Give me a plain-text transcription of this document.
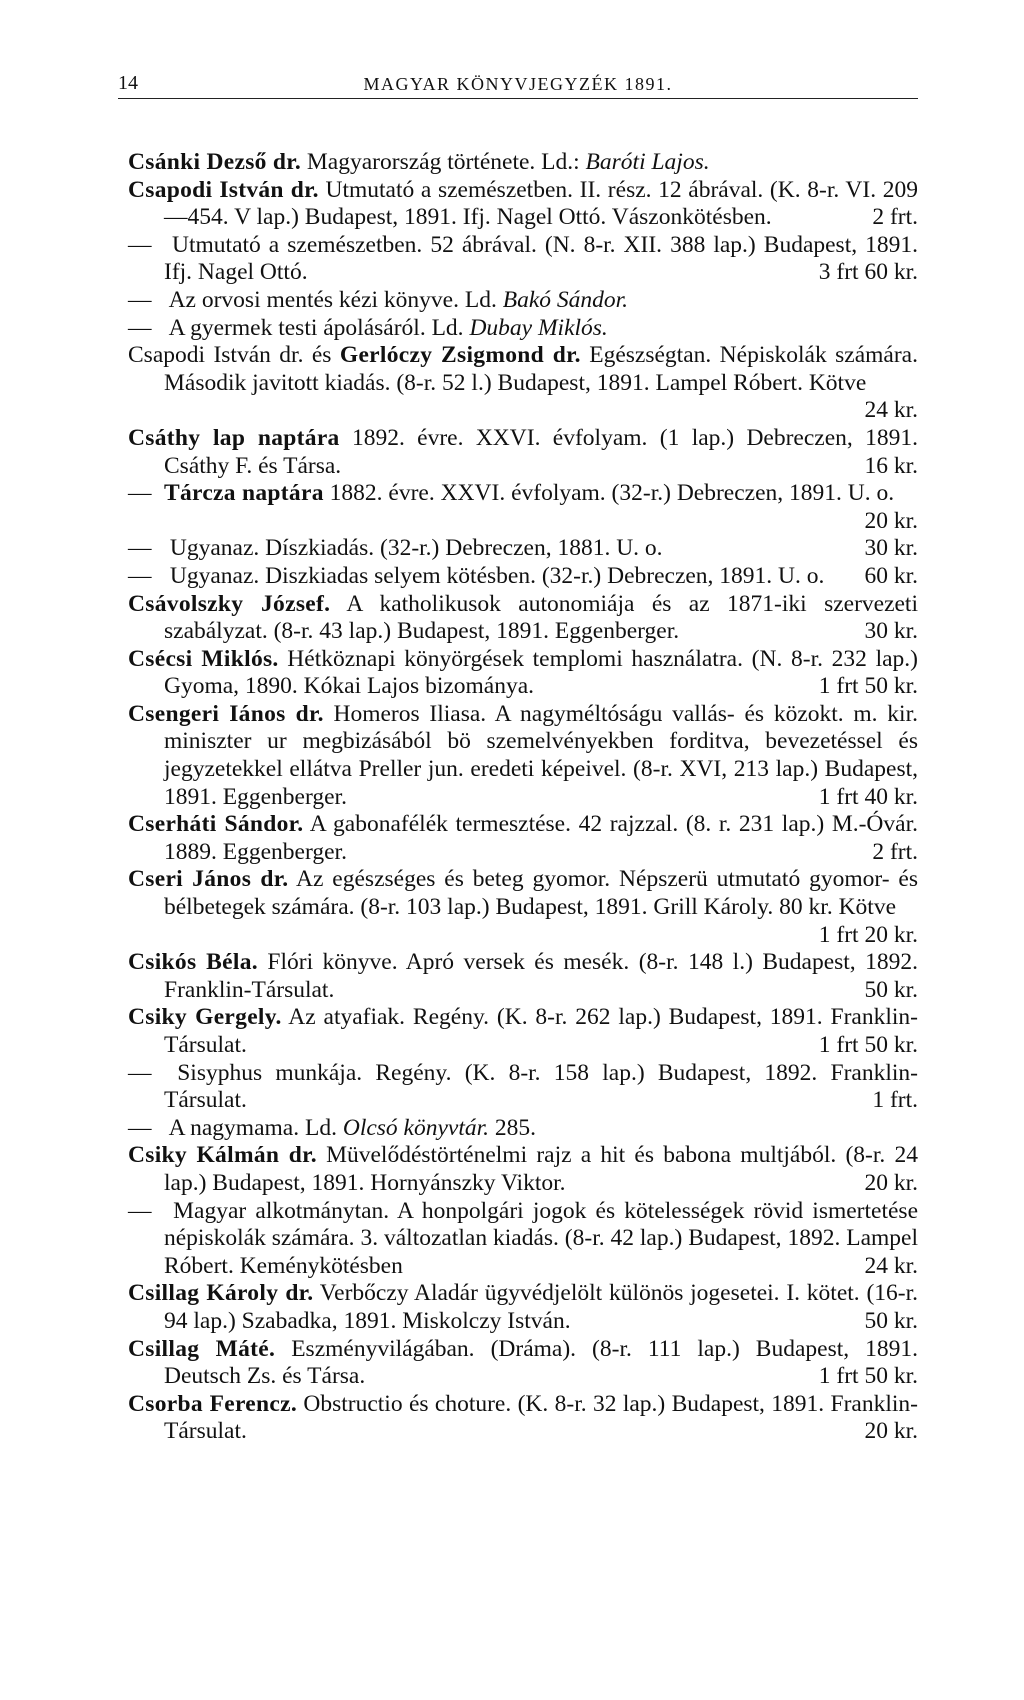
14	MAGYAR KÖNYVJEGYZÉK 1891.
Csánki Dezső dr. Magyarország története. Ld.: Baróti Lajos.
Csapodi István dr. Utmutató a szemészetben. II. rész. 12 ábrával. (K. 8-r. VI. 209—454. V lap.) Budapest, 1891. Ifj. Nagel Ottó. Vászonkötésben.	2 frt.
— Utmutató a szemészetben. 52 ábrával. (N. 8-r. XII. 388 lap.) Budapest, 1891. Ifj. Nagel Ottó.	3 frt 60 kr.
— Az orvosi mentés kézi könyve. Ld. Bakó Sándor.
— A gyermek testi ápolásáról. Ld. Dubay Miklós.
Csapodi István dr. és Gerlóczy Zsigmond dr. Egészségtan. Népiskolák számára. Második javitott kiadás. (8-r. 52 l.) Budapest, 1891. Lampel Róbert. Kötve
24 kr.
Csáthy lap naptára 1892. évre. XXVI. évfolyam. (1 lap.) Debreczen, 1891. Csáthy F. és Társa.	16 kr.
— Tárcza naptára 1882. évre. XXVI. évfolyam. (32-r.) Debreczen, 1891. U. o.
20 kr.
— Ugyanaz. Díszkiadás. (32-r.) Debreczen, 1881. U. o.	30 kr.
— Ugyanaz. Diszkiadas selyem kötésben. (32-r.) Debreczen, 1891. U. o. 60 kr.
Csávolszky József. A katholikusok autonomiája és az 1871-iki szervezeti szabályzat. (8-r. 43 lap.) Budapest, 1891. Eggenberger.	30 kr.
Csécsi Miklós. Hétköznapi könyörgések templomi használatra. (N. 8-r. 232 lap.) Gyoma, 1890. Kókai Lajos bizománya.	1 frt 50 kr.
Csengeri Iános dr. Homeros Iliasa. A nagyméltóságu vallás- és közokt. m. kir. miniszter ur megbizásából bö szemelvényekben forditva, bevezetéssel és jegyzetekkel ellátva Preller jun. eredeti képeivel. (8-r. XVI, 213 lap.) Budapest, 1891. Eggenberger.	1 frt 40 kr.
Cserháti Sándor. A gabonafélék termesztése. 42 rajzzal. (8. r. 231 lap.) M.-Óvár. 1889. Eggenberger.	2 frt.
Cseri János dr. Az egészséges és beteg gyomor. Népszerü utmutató gyomor- és bélbetegek számára. (8-r. 103 lap.) Budapest, 1891. Grill Károly. 80 kr. Kötve
1 frt 20 kr.
Csikós Béla. Flóri könyve. Apró versek és mesék. (8-r. 148 l.) Budapest, 1892. Franklin-Társulat.	50 kr.
Csiky Gergely. Az atyafiak. Regény. (K. 8-r. 262 lap.) Budapest, 1891. Franklin-Társulat.	1 frt 50 kr.
— Sisyphus munkája. Regény. (K. 8-r. 158 lap.) Budapest, 1892. Franklin-Társulat.	1 frt.
— A nagymama. Ld. Olcsó könyvtár. 285.
Csiky Kálmán dr. Müvelődéstörténelmi rajz a hit és babona multjából. (8-r. 24 lap.) Budapest, 1891. Hornyánszky Viktor.	20 kr.
— Magyar alkotmánytan. A honpolgári jogok és kötelességek rövid ismertetése népiskolák számára. 3. változatlan kiadás. (8-r. 42 lap.) Budapest, 1892. Lampel Róbert. Keménykötésben	24 kr.
Csillag Károly dr. Verbőczy Aladár ügyvédjelölt különös jogesetei. I. kötet. (16-r. 94 lap.) Szabadka, 1891. Miskolczy István.	50 kr.
Csillag Máté. Eszményvilágában. (Dráma). (8-r. 111 lap.) Budapest, 1891. Deutsch Zs. és Társa.	1 frt 50 kr.
Csorba Ferencz. Obstructio és choture. (K. 8-r. 32 lap.) Budapest, 1891. Franklin-Társulat.	20 kr.
